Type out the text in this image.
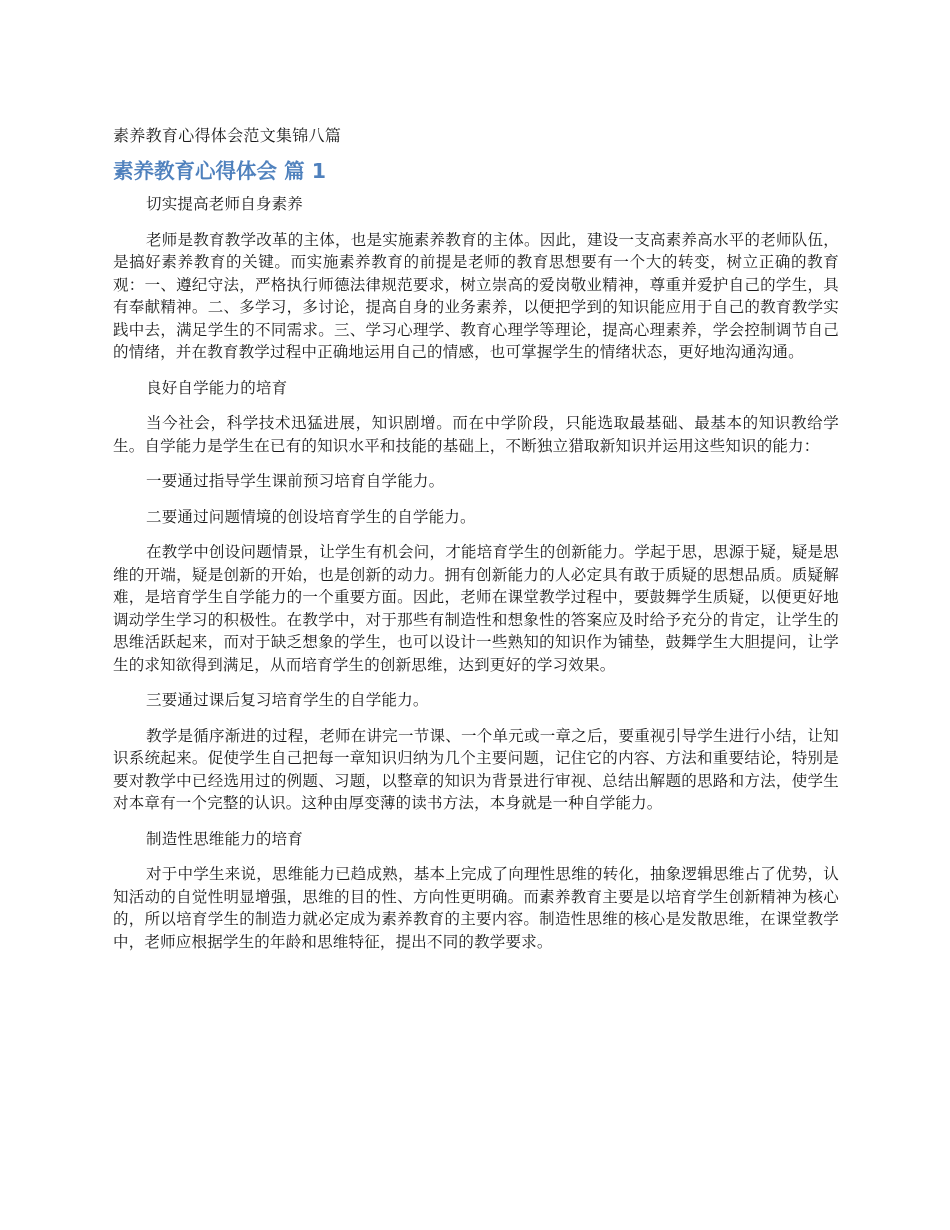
素养教育心得体会范文集锦八篇
素养教育心得体会 篇 1

切实提高老师自身素养

老师是教育教学改革的主体，也是实施素养教育的主体。因此，建设一支高素养高水平的老师队伍，是搞好素养教育的关键。而实施素养教育的前提是老师的教育思想要有一个大的转变，树立正确的教育观：一、遵纪守法，严格执行师德法律规范要求，树立崇高的爱岗敬业精神，尊重并爱护自己的学生，具有奉献精神。二、多学习，多讨论，提高自身的业务素养，以便把学到的知识能应用于自己的教育教学实践中去，满足学生的不同需求。三、学习心理学、教育心理学等理论，提高心理素养，学会控制调节自己的情绪，并在教育教学过程中正确地运用自己的情感，也可掌握学生的情绪状态，更好地沟通沟通。

良好自学能力的培育

当今社会，科学技术迅猛进展，知识剧增。而在中学阶段，只能选取最基础、最基本的知识教给学生。自学能力是学生在已有的知识水平和技能的基础上，不断独立猎取新知识并运用这些知识的能力：

一要通过指导学生课前预习培育自学能力。

二要通过问题情境的创设培育学生的自学能力。

在教学中创设问题情景，让学生有机会问，才能培育学生的创新能力。学起于思，思源于疑，疑是思维的开端，疑是创新的开始，也是创新的动力。拥有创新能力的人必定具有敢于质疑的思想品质。质疑解难，是培育学生自学能力的一个重要方面。因此，老师在课堂教学过程中，要鼓舞学生质疑，以便更好地调动学生学习的积极性。在教学中，对于那些有制造性和想象性的答案应及时给予充分的肯定，让学生的思维活跃起来，而对于缺乏想象的学生，也可以设计一些熟知的知识作为铺垫，鼓舞学生大胆提问，让学生的求知欲得到满足，从而培育学生的创新思维，达到更好的学习效果。

三要通过课后复习培育学生的自学能力。

教学是循序渐进的过程，老师在讲完一节课、一个单元或一章之后，要重视引导学生进行小结，让知识系统起来。促使学生自己把每一章知识归纳为几个主要问题，记住它的内容、方法和重要结论，特别是要对教学中已经选用过的例题、习题，以整章的知识为背景进行审视、总结出解题的思路和方法，使学生对本章有一个完整的认识。这种由厚变薄的读书方法，本身就是一种自学能力。

制造性思维能力的培育

对于中学生来说，思维能力已趋成熟，基本上完成了向理性思维的转化，抽象逻辑思维占了优势，认知活动的自觉性明显增强，思维的目的性、方向性更明确。而素养教育主要是以培育学生创新精神为核心的，所以培育学生的制造力就必定成为素养教育的主要内容。制造性思维的核心是发散思维，在课堂教学中，老师应根据学生的年龄和思维特征，提出不同的教学要求。
